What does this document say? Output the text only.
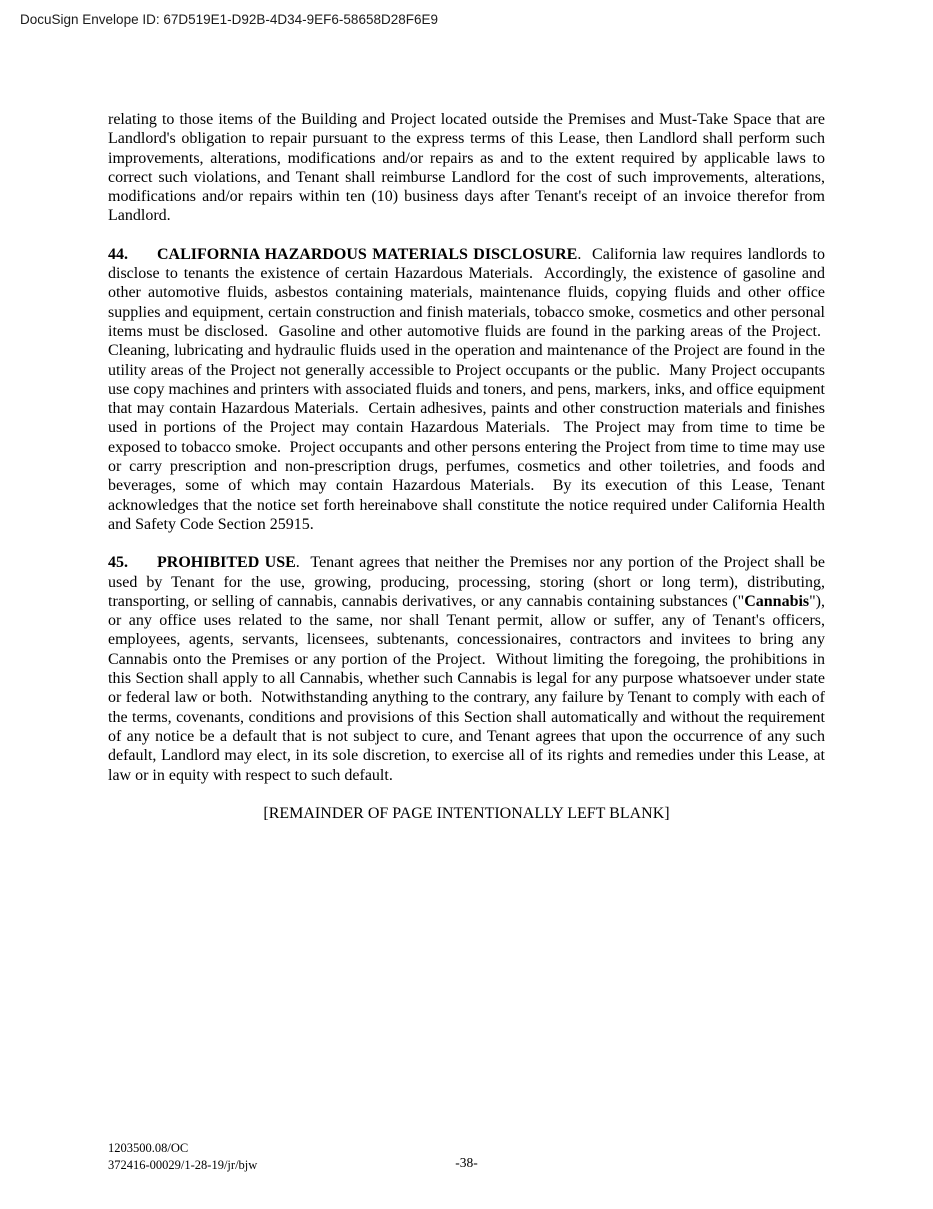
DocuSign Envelope ID: 67D519E1-D92B-4D34-9EF6-58658D28F6E9

relating to those items of the Building and Project located outside the Premises and Must-Take Space that are Landlord's obligation to repair pursuant to the express terms of this Lease, then Landlord shall perform such improvements, alterations, modifications and/or repairs as and to the extent required by applicable laws to correct such violations, and Tenant shall reimburse Landlord for the cost of such improvements, alterations, modifications and/or repairs within ten (10) business days after Tenant's receipt of an invoice therefor from Landlord.

44. CALIFORNIA HAZARDOUS MATERIALS DISCLOSURE.  California law requires landlords to disclose to tenants the existence of certain Hazardous Materials.  Accordingly, the existence of gasoline and other automotive fluids, asbestos containing materials, maintenance fluids, copying fluids and other office supplies and equipment, certain construction and finish materials, tobacco smoke, cosmetics and other personal items must be disclosed.  Gasoline and other automotive fluids are found in the parking areas of the Project.  Cleaning, lubricating and hydraulic fluids used in the operation and maintenance of the Project are found in the utility areas of the Project not generally accessible to Project occupants or the public.  Many Project occupants use copy machines and printers with associated fluids and toners, and pens, markers, inks, and office equipment that may contain Hazardous Materials.  Certain adhesives, paints and other construction materials and finishes used in portions of the Project may contain Hazardous Materials.  The Project may from time to time be exposed to tobacco smoke.  Project occupants and other persons entering the Project from time to time may use or carry prescription and non-prescription drugs, perfumes, cosmetics and other toiletries, and foods and beverages, some of which may contain Hazardous Materials.  By its execution of this Lease, Tenant acknowledges that the notice set forth hereinabove shall constitute the notice required under California Health and Safety Code Section 25915.

45. PROHIBITED USE.  Tenant agrees that neither the Premises nor any portion of the Project shall be used by Tenant for the use, growing, producing, processing, storing (short or long term), distributing, transporting, or selling of cannabis, cannabis derivatives, or any cannabis containing substances ("Cannabis"), or any office uses related to the same, nor shall Tenant permit, allow or suffer, any of Tenant's officers, employees, agents, servants, licensees, subtenants, concessionaires, contractors and invitees to bring any Cannabis onto the Premises or any portion of the Project.  Without limiting the foregoing, the prohibitions in this Section shall apply to all Cannabis, whether such Cannabis is legal for any purpose whatsoever under state or federal law or both.  Notwithstanding anything to the contrary, any failure by Tenant to comply with each of the terms, covenants, conditions and provisions of this Section shall automatically and without the requirement of any notice be a default that is not subject to cure, and Tenant agrees that upon the occurrence of any such default, Landlord may elect, in its sole discretion, to exercise all of its rights and remedies under this Lease, at law or in equity with respect to such default.

[REMAINDER OF PAGE INTENTIONALLY LEFT BLANK]

1203500.08/OC
372416-00029/1-28-19/jr/bjw	-38-
